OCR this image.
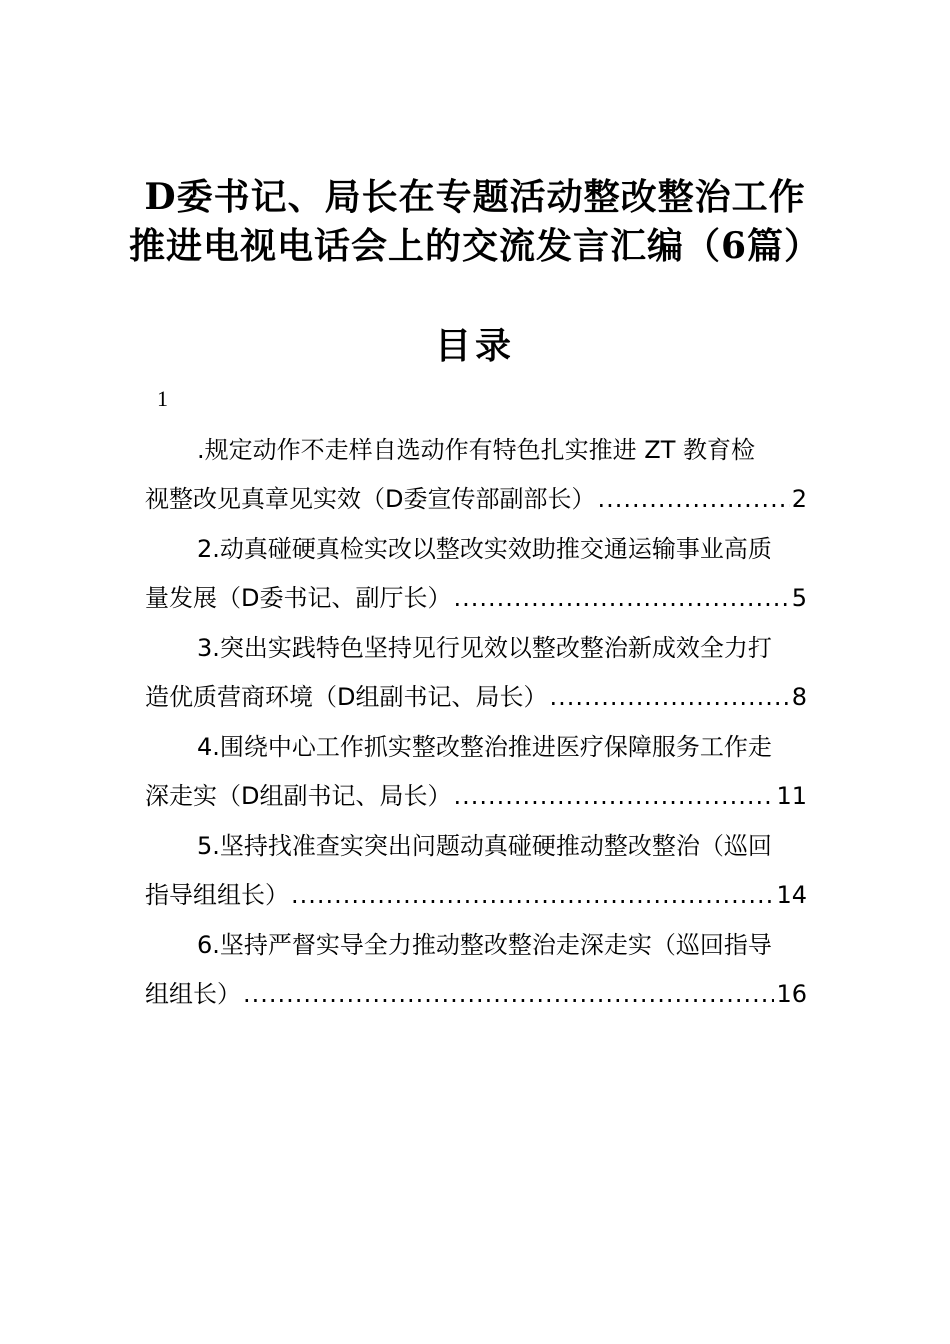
D委书记、局长在专题活动整改整治工作
推进电视电话会上的交流发言汇编（6篇）
目录
1
.规定动作不走样自选动作有特色扎实推进 ZT 教育检
视整改见真章见实效（D委宣传部副部长） .....	2
2.动真碰硬真检实改以整改实效助推交通运输事业高质
量发展（D委书记、副厅长） .....	5
3.突出实践特色坚持见行见效以整改整治新成效全力打
造优质营商环境（D组副书记、局长） .....	8
4.围绕中心工作抓实整改整治推进医疗保障服务工作走
深走实（D组副书记、局长） .....	11
5.坚持找准查实突出问题动真碰硬推动整改整治（巡回
指导组组长） .....	14
6.坚持严督实导全力推动整改整治走深走实（巡回指导
组组长） .....	16
